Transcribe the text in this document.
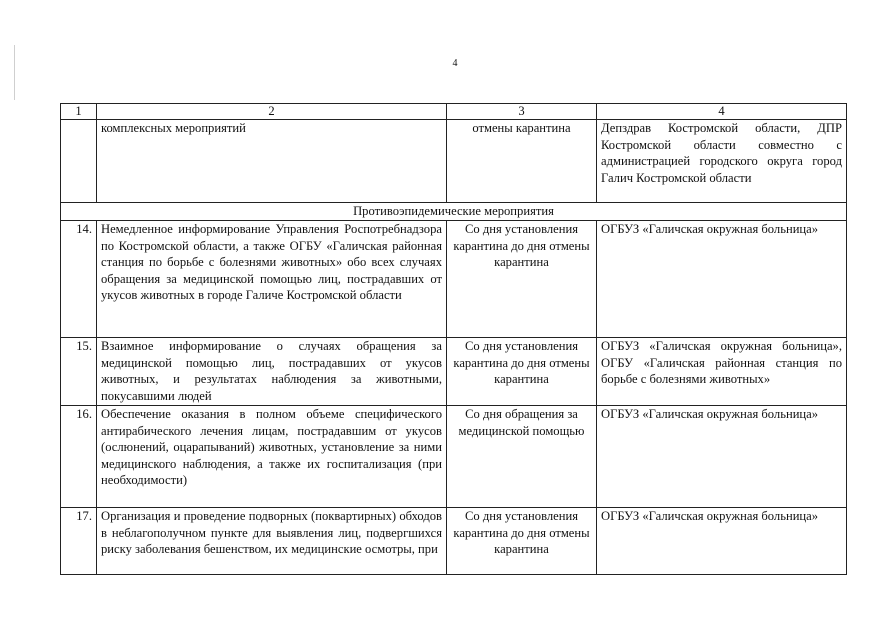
4
1	2	3	4
	комплексных мероприятий	отмены карантина	Депздрав Костромской области, ДПР Костромской области совместно с администрацией городского округа город Галич Костромской области
Противоэпидемические мероприятия			
14.	Немедленное информирование Управления Роспотребнадзора по Костромской области, а также ОГБУ «Галичская районная станция по борьбе с болезнями животных» обо всех случаях обращения за медицинской помощью лиц, пострадавших от укусов животных в городе Галиче Костромской области	Со дня установления карантина до дня отмены карантина	ОГБУЗ «Галичская окружная больница»
15.	Взаимное информирование о случаях обращения за медицинской помощью лиц, пострадавших от укусов животных, и результатах наблюдения за животными, покусавшими людей	Со дня установления карантина до дня отмены карантина	ОГБУЗ «Галичская окружная больница», ОГБУ «Галичская районная станция по борьбе с болезнями животных»
16.	Обеспечение оказания в полном объеме специфического антирабического лечения лицам, пострадавшим от укусов (ослюнений, оцарапываний) животных, установление за ними медицинского наблюдения, а также их госпитализация (при необходимости)	Со дня обращения за медицинской помощью	ОГБУЗ «Галичская окружная больница»
17.	Организация и проведение подворных (поквартирных) обходов в неблагополучном пункте для выявления лиц, подвергшихся риску заболевания бешенством, их медицинские осмотры, при	Со дня установления карантина до дня отмены карантина	ОГБУЗ «Галичская окружная больница»
